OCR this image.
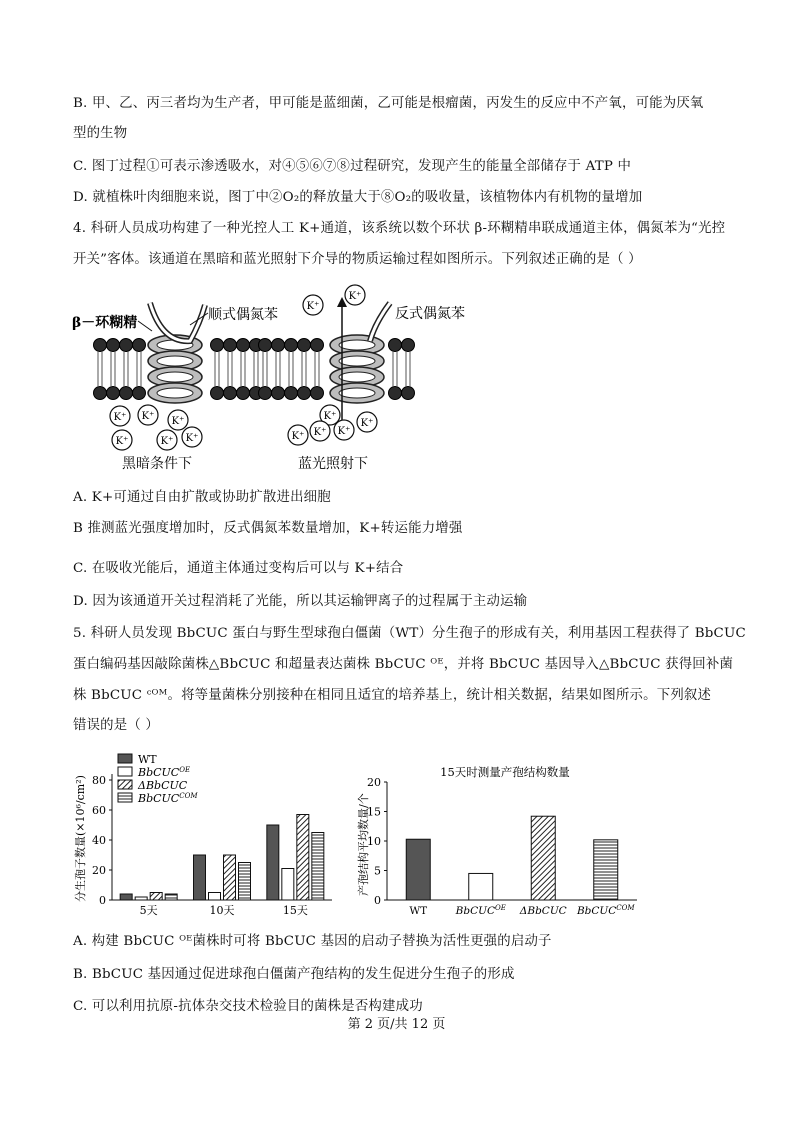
B. 甲、乙、丙三者均为生产者，甲可能是蓝细菌，乙可能是根瘤菌，丙发生的反应中不产氧，可能为厌氧
型的生物
C. 图丁过程①可表示渗透吸水，对④⑤⑥⑦⑧过程研究，发现产生的能量全部储存于 ATP 中
D. 就植株叶肉细胞来说，图丁中②O₂的释放量大于⑧O₂的吸收量，该植物体内有机物的量增加
4. 科研人员成功构建了一种光控人工 K+通道，该系统以数个环状 β-环糊精串联成通道主体，偶氮苯为“光控
开关”客体。该通道在黑暗和蓝光照射下介导的物质运输过程如图所示。下列叙述正确的是（ ）
β－环糊精	顺式偶氮苯	反式偶氮苯
黑暗条件下	蓝光照射下
K⁺ K⁺ K⁺
K⁺	K⁺ K⁺
K⁺
K⁺
K⁺
K⁺ K⁺ K⁺
K⁺
A. K+可通过自由扩散或协助扩散进出细胞
B 推测蓝光强度增加时，反式偶氮苯数量增加，K+转运能力增强
C. 在吸收光能后，通道主体通过变构后可以与 K+结合
D. 因为该通道开关过程消耗了光能，所以其运输钾离子的过程属于主动运输
5. 科研人员发现 BbCUC 蛋白与野生型球孢白僵菌（WT）分生孢子的形成有关，利用基因工程获得了 BbCUC
蛋白编码基因敲除菌株△BbCUC 和超量表达菌株 BbCUC ᴼᴱ，并将 BbCUC 基因导入△BbCUC 获得回补菌
株 BbCUC ᶜᴼᴹ。将等量菌株分别接种在相同且适宜的培养基上，统计相关数据，结果如图所示。下列叙述
错误的是（ ）
0
20
40
60
80
分生孢子数量(×10⁶/cm²)
5天	10天	15天
WT
BbCUC$^{OE}$
ΔBbCUC
BbCUC$^{COM}$
15天时测量产孢结构数量
0
5
10
15
20
产孢结构平均数量/个
WT	BbCUC$^{OE}$ ΔBbCUC BbCUC$^{COM}$
A. 构建 BbCUC ᴼᴱ菌株时可将 BbCUC 基因的启动子替换为活性更强的启动子
B. BbCUC 基因通过促进球孢白僵菌产孢结构的发生促进分生孢子的形成
C. 可以利用抗原-抗体杂交技术检验目的菌株是否构建成功
第 2 页/共 12 页
